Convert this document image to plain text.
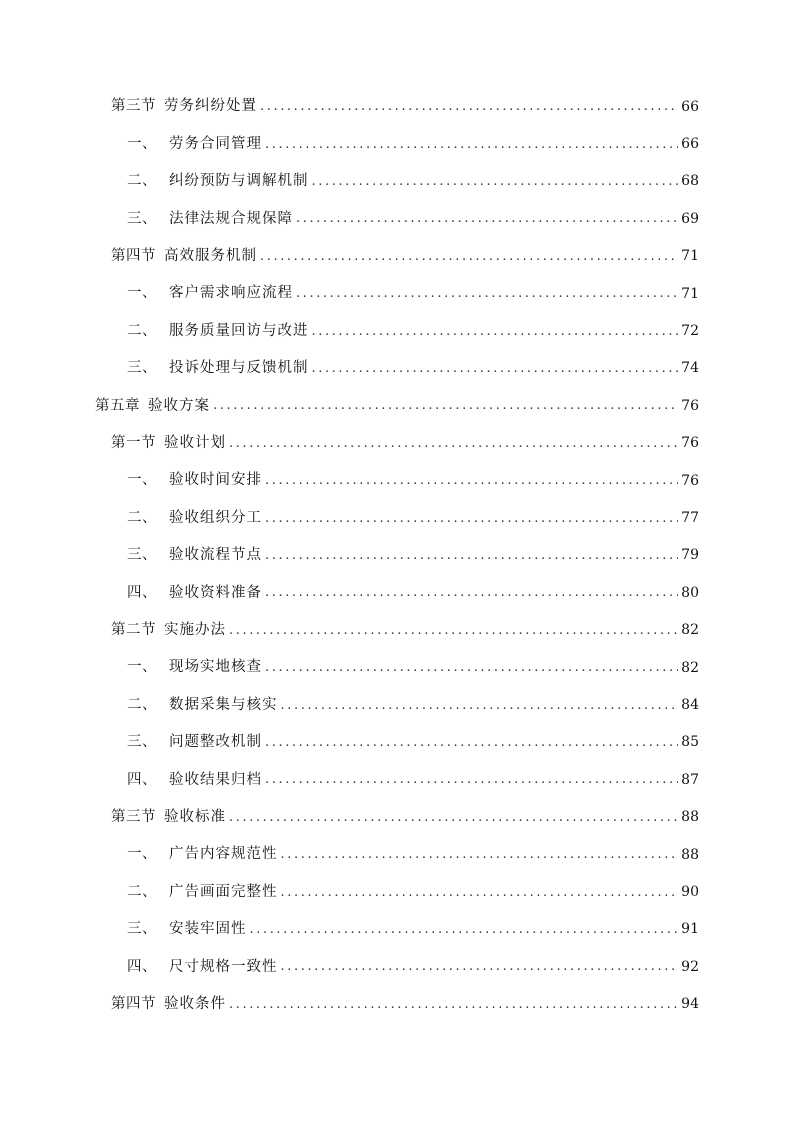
第三节 劳务纠纷处置 .....	66
一、 劳务合同管理 .....	66
二、 纠纷预防与调解机制 .....	68
三、 法律法规合规保障 .....	69
第四节 高效服务机制 .....	71
一、 客户需求响应流程 .....	71
二、 服务质量回访与改进 .....	72
三、 投诉处理与反馈机制 .....	74
第五章 验收方案 .....	76
第一节 验收计划 .....	76
一、 验收时间安排 .....	76
二、 验收组织分工 .....	77
三、 验收流程节点 .....	79
四、 验收资料准备 .....	80
第二节 实施办法 .....	82
一、 现场实地核查 .....	82
二、 数据采集与核实 .....	84
三、 问题整改机制 .....	85
四、 验收结果归档 .....	87
第三节 验收标准 .....	88
一、 广告内容规范性 .....	88
二、 广告画面完整性 .....	90
三、 安装牢固性 .....	91
四、 尺寸规格一致性 .....	92
第四节 验收条件 .....	94
